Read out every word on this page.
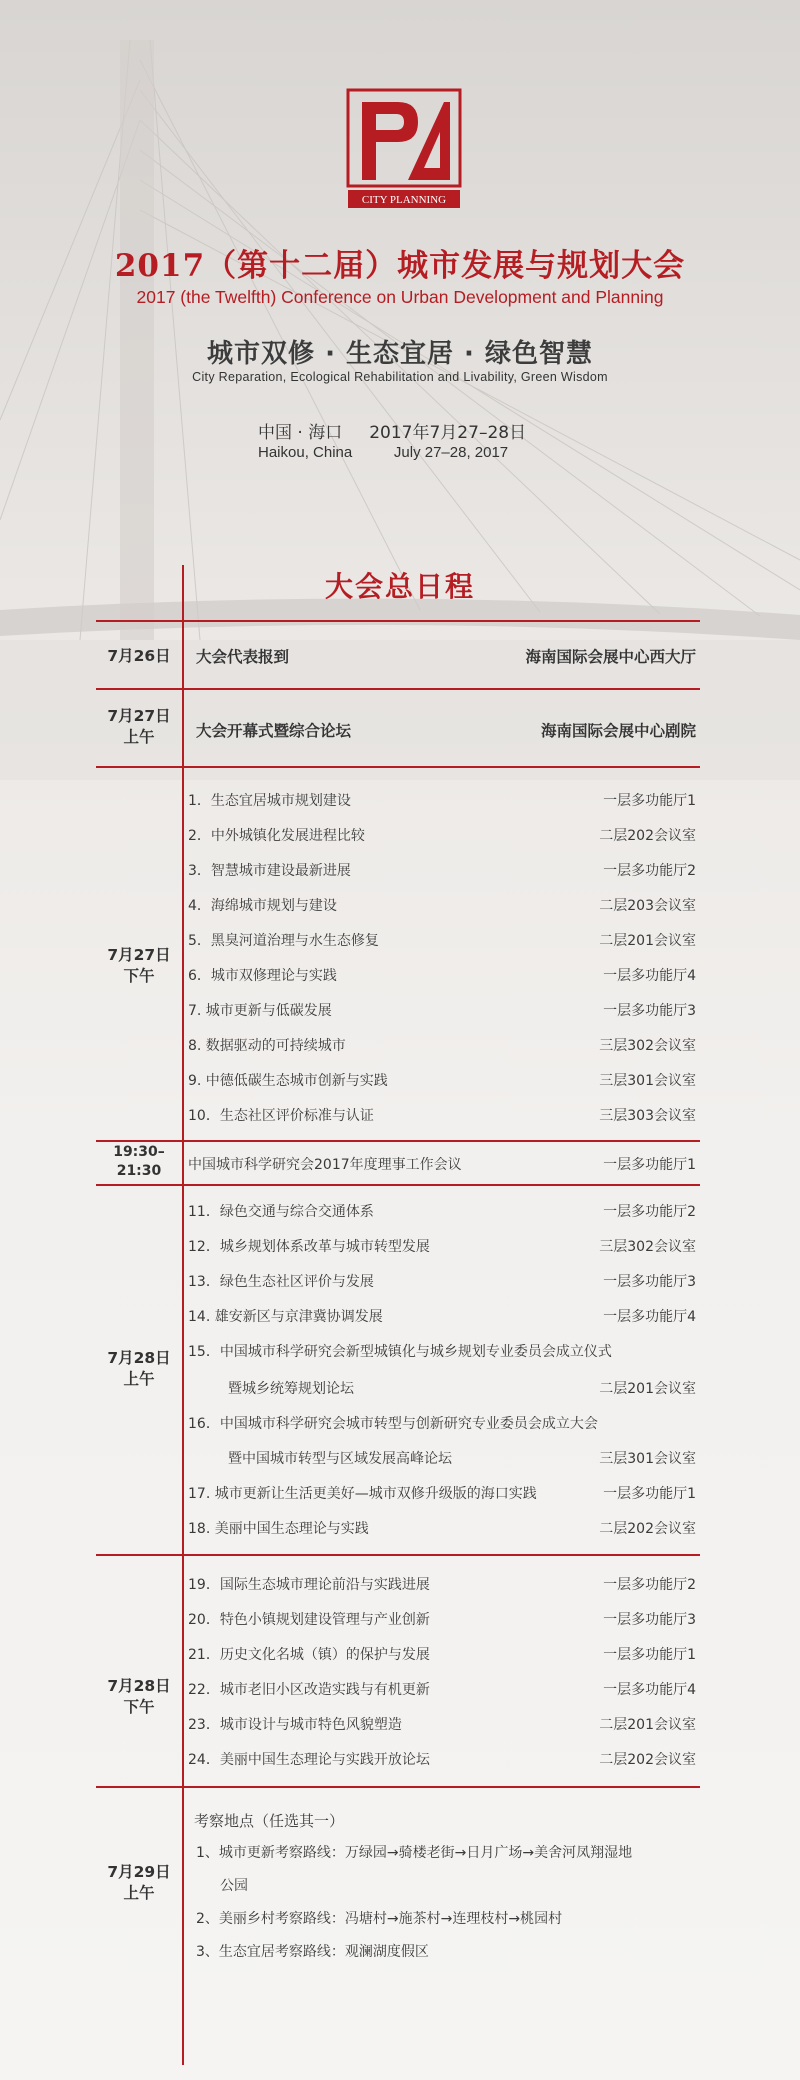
CITY PLANNING
2017（第十二届）城市发展与规划大会
2017 (the Twelfth) Conference on Urban Development and Planning
城市双修 · 生态宜居 · 绿色智慧
City Reparation, Ecological Rehabilitation and Livability, Green Wisdom
中国 · 海口     2017年7月27–28日
Haikou, China          July 27–28, 2017
大会总日程
7月26日	大会代表报到	海南国际会展中心西大厅
7月27日
上午	大会开幕式暨综合论坛	海南国际会展中心剧院
7月27日
下午
1．生态宜居城市规划建设	一层多功能厅1
2．中外城镇化发展进程比较	二层202会议室
3．智慧城市建设最新进展	一层多功能厅2
4．海绵城市规划与建设	二层203会议室
5．黑臭河道治理与水生态修复	二层201会议室
6．城市双修理论与实践	一层多功能厅4
7. 城市更新与低碳发展	一层多功能厅3
8. 数据驱动的可持续城市	三层302会议室
9. 中德低碳生态城市创新与实践	三层301会议室
10．生态社区评价标准与认证	三层303会议室
19:30–
21:30	中国城市科学研究会2017年度理事工作会议	一层多功能厅1
7月28日
上午
11．绿色交通与综合交通体系	一层多功能厅2
12．城乡规划体系改革与城市转型发展	三层302会议室
13．绿色生态社区评价与发展	一层多功能厅3
14. 雄安新区与京津冀协调发展	一层多功能厅4
15．中国城市科学研究会新型城镇化与城乡规划专业委员会成立仪式
暨城乡统筹规划论坛	二层201会议室
16．中国城市科学研究会城市转型与创新研究专业委员会成立大会
暨中国城市转型与区域发展高峰论坛	三层301会议室
17. 城市更新让生活更美好—城市双修升级版的海口实践	一层多功能厅1
18. 美丽中国生态理论与实践	二层202会议室
7月28日
下午
19．国际生态城市理论前沿与实践进展	一层多功能厅2
20．特色小镇规划建设管理与产业创新	一层多功能厅3
21．历史文化名城（镇）的保护与发展	一层多功能厅1
22．城市老旧小区改造实践与有机更新	一层多功能厅4
23．城市设计与城市特色风貌塑造	二层201会议室
24．美丽中国生态理论与实践开放论坛	二层202会议室
7月29日
上午
考察地点（任选其一）
1、城市更新考察路线：万绿园→骑楼老街→日月广场→美舍河凤翔湿地
公园
2、美丽乡村考察路线：冯塘村→施茶村→连理枝村→桃园村
3、生态宜居考察路线：观澜湖度假区
